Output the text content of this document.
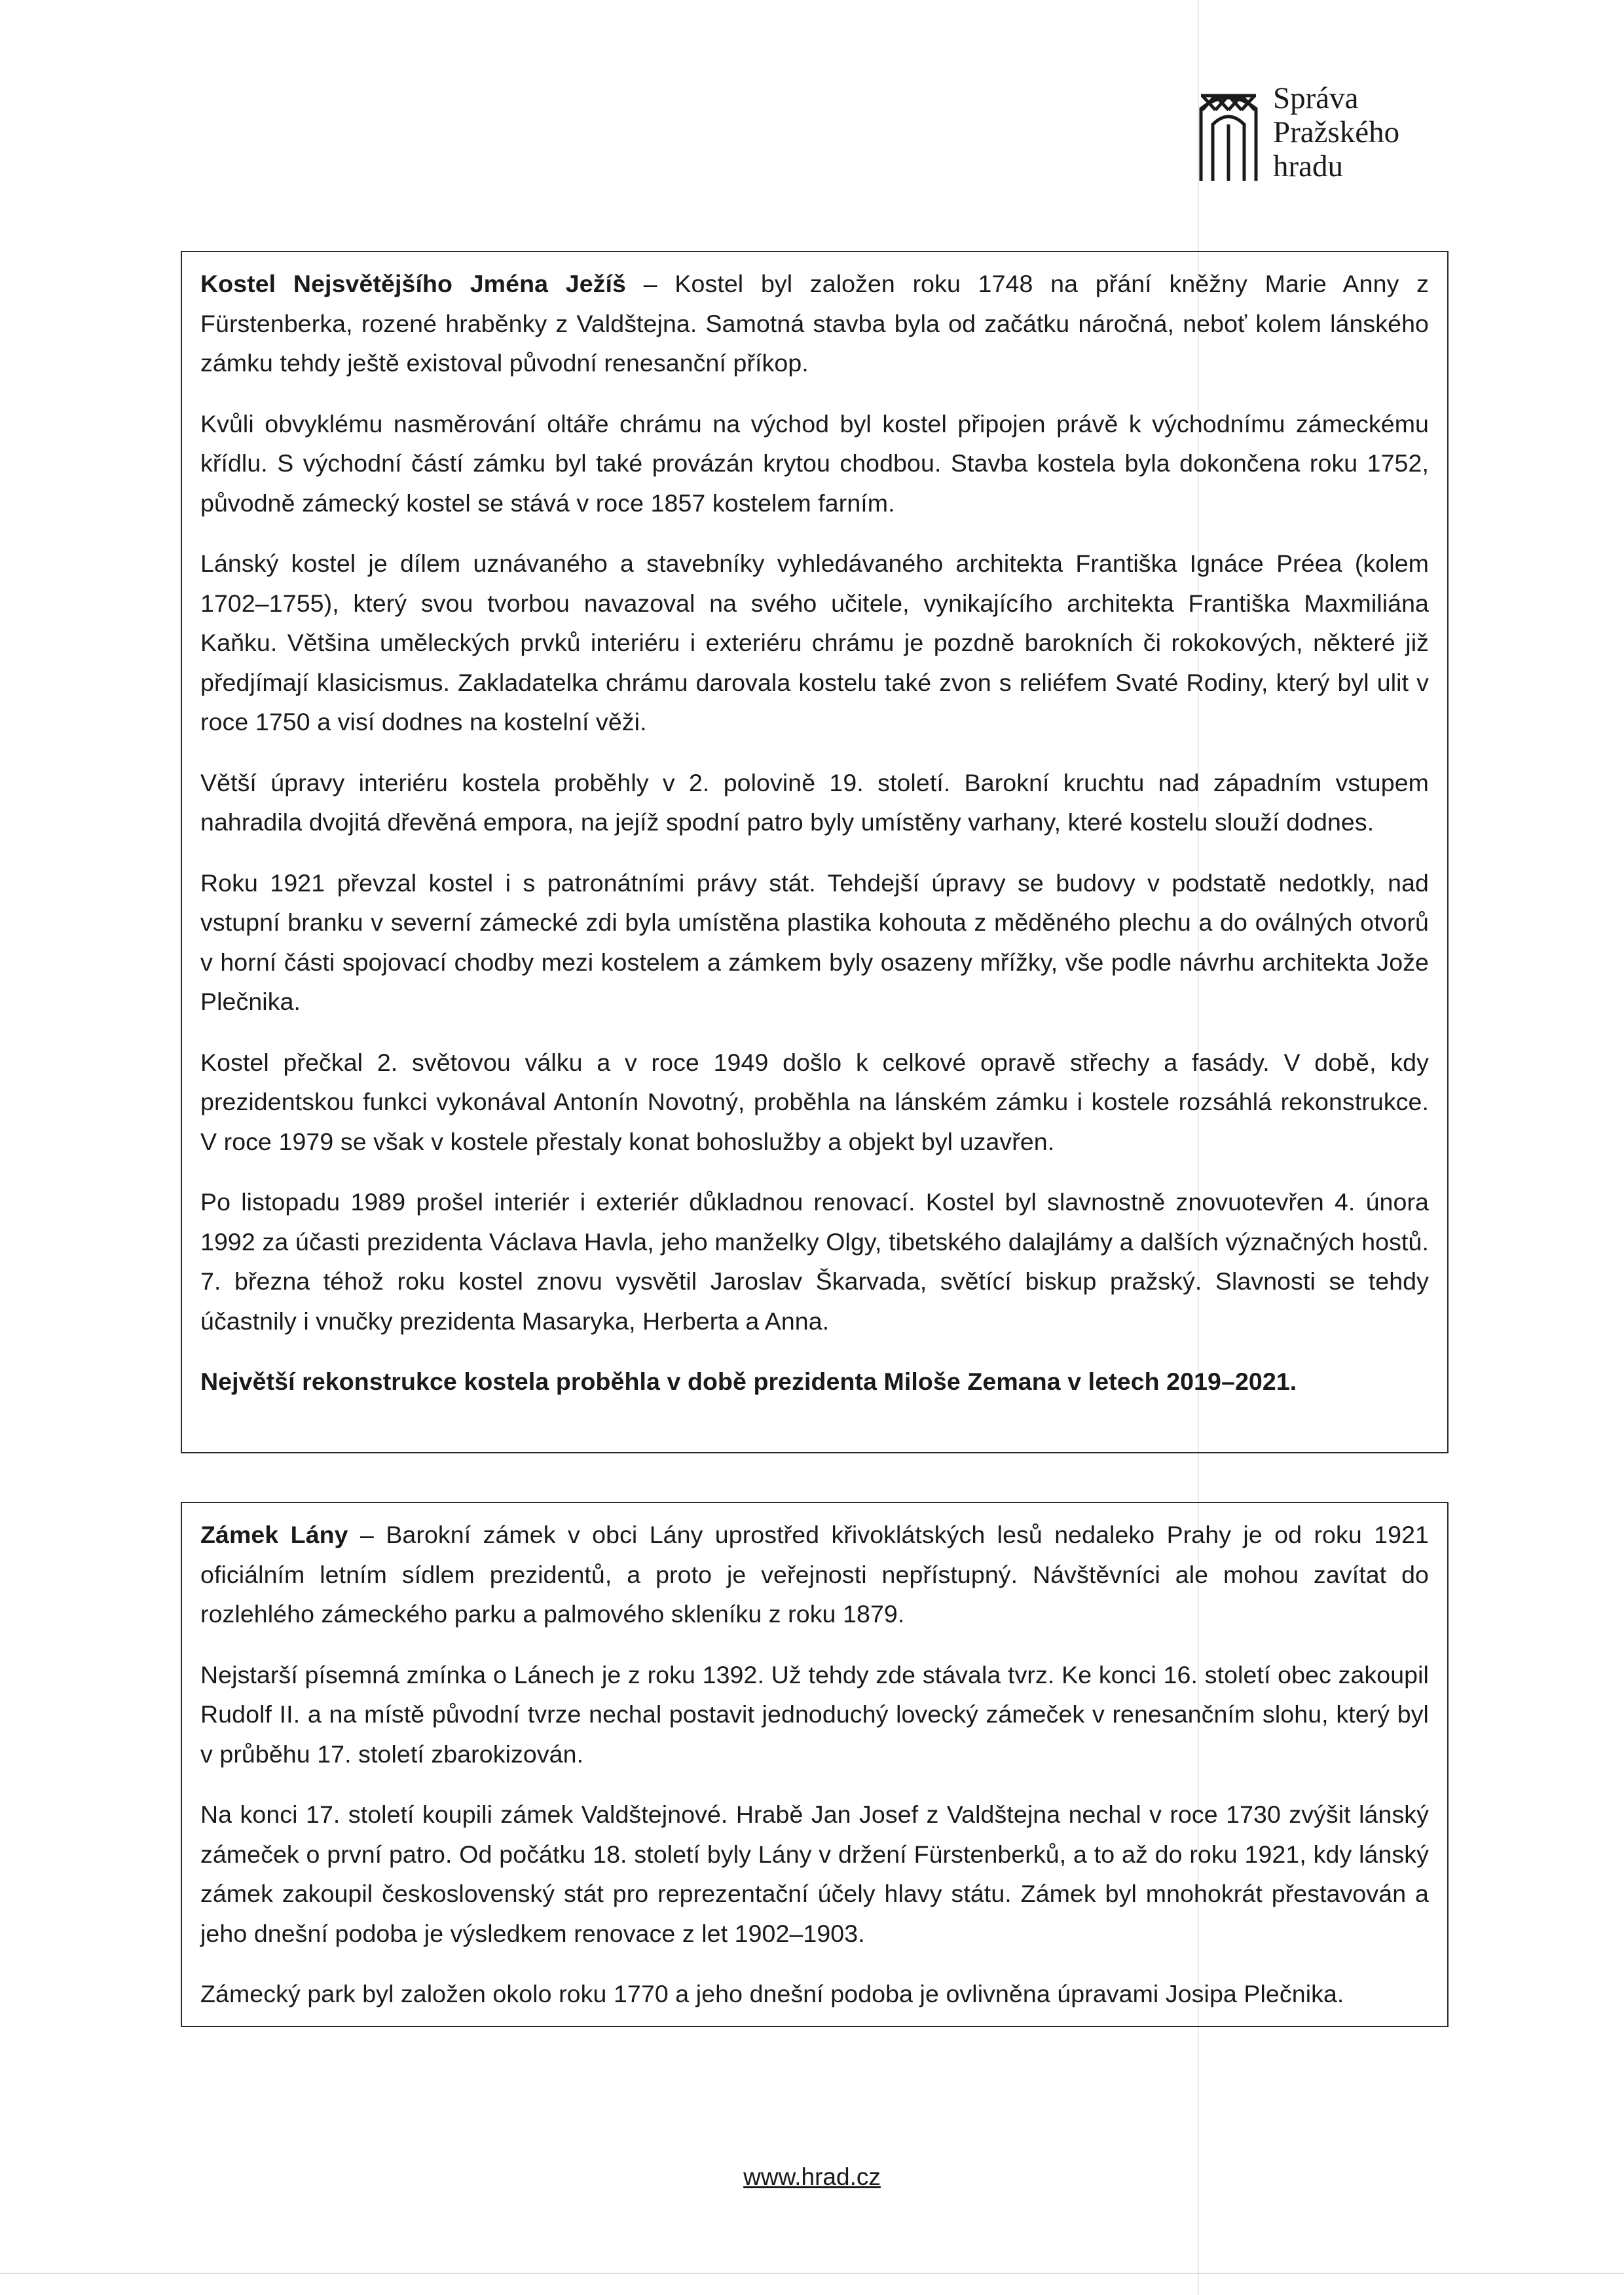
Správa
Pražského
hradu

Kostel Nejsvětějšího Jména Ježíš – Kostel byl založen roku 1748 na přání kněžny Marie Anny z Fürstenberka, rozené hraběnky z Valdštejna. Samotná stavba byla od začátku náročná, neboť kolem lánského zámku tehdy ještě existoval původní renesanční příkop.

Kvůli obvyklému nasměrování oltáře chrámu na východ byl kostel připojen právě k východnímu zámeckému křídlu. S východní částí zámku byl také provázán krytou chodbou. Stavba kostela byla dokončena roku 1752, původně zámecký kostel se stává v roce 1857 kostelem farním.

Lánský kostel je dílem uznávaného a stavebníky vyhledávaného architekta Františka Ignáce Préea (kolem 1702–1755), který svou tvorbou navazoval na svého učitele, vynikajícího architekta Františka Maxmiliána Kaňku. Většina uměleckých prvků interiéru i exteriéru chrámu je pozdně barokních či rokokových, některé již předjímají klasicismus. Zakladatelka chrámu darovala kostelu také zvon s reliéfem Svaté Rodiny, který byl ulit v roce 1750 a visí dodnes na kostelní věži.

Větší úpravy interiéru kostela proběhly v 2. polovině 19. století. Barokní kruchtu nad západním vstupem nahradila dvojitá dřevěná empora, na jejíž spodní patro byly umístěny varhany, které kostelu slouží dodnes.

Roku 1921 převzal kostel i s patronátními právy stát. Tehdejší úpravy se budovy v podstatě nedotkly, nad vstupní branku v severní zámecké zdi byla umístěna plastika kohouta z měděného plechu a do oválných otvorů v horní části spojovací chodby mezi kostelem a zámkem byly osazeny mřížky, vše podle návrhu architekta Jože Plečnika.

Kostel přečkal 2. světovou válku a v roce 1949 došlo k celkové opravě střechy a fasády. V době, kdy prezidentskou funkci vykonával Antonín Novotný, proběhla na lánském zámku i kostele rozsáhlá rekonstrukce. V roce 1979 se však v kostele přestaly konat bohoslužby a objekt byl uzavřen.

Po listopadu 1989 prošel interiér i exteriér důkladnou renovací. Kostel byl slavnostně znovuotevřen 4. února 1992 za účasti prezidenta Václava Havla, jeho manželky Olgy, tibetského dalajlámy a dalších význačných hostů. 7. března téhož roku kostel znovu vysvětil Jaroslav Škarvada, světící biskup pražský. Slavnosti se tehdy účastnily i vnučky prezidenta Masaryka, Herberta a Anna.

Největší rekonstrukce kostela proběhla v době prezidenta Miloše Zemana v letech 2019–2021.

Zámek Lány – Barokní zámek v obci Lány uprostřed křivoklátských lesů nedaleko Prahy je od roku 1921 oficiálním letním sídlem prezidentů, a proto je veřejnosti nepřístupný. Návštěvníci ale mohou zavítat do rozlehlého zámeckého parku a palmového skleníku z roku 1879.

Nejstarší písemná zmínka o Lánech je z roku 1392. Už tehdy zde stávala tvrz. Ke konci 16. století obec zakoupil Rudolf II. a na místě původní tvrze nechal postavit jednoduchý lovecký zámeček v renesančním slohu, který byl v průběhu 17. století zbarokizován.

Na konci 17. století koupili zámek Valdštejnové. Hrabě Jan Josef z Valdštejna nechal v roce 1730 zvýšit lánský zámeček o první patro. Od počátku 18. století byly Lány v držení Fürstenberků, a to až do roku 1921, kdy lánský zámek zakoupil československý stát pro reprezentační účely hlavy státu. Zámek byl mnohokrát přestavován a jeho dnešní podoba je výsledkem renovace z let 1902–1903.

Zámecký park byl založen okolo roku 1770 a jeho dnešní podoba je ovlivněna úpravami Josipa Plečnika.

www.hrad.cz
